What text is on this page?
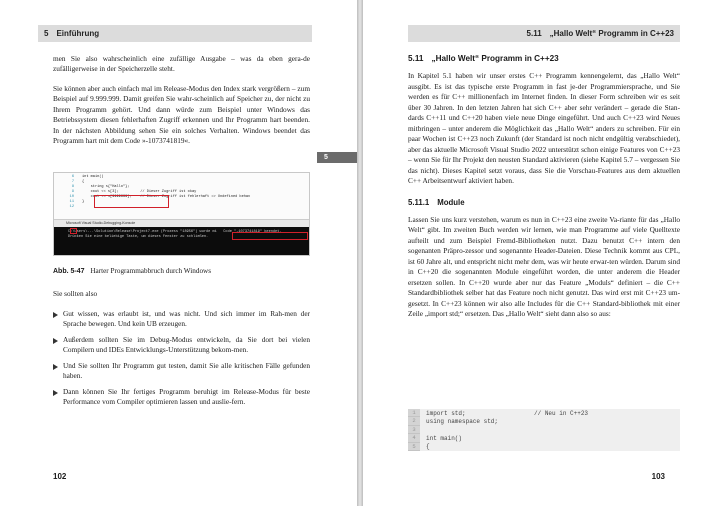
5 Einführung

men Sie also wahrscheinlich eine zufällige Ausgabe – was da eben gera-de zufälligerweise in der Speicherzelle steht.

Sie können aber auch einfach mal im Release-Modus den Index stark vergrößern – zum Beispiel auf 9.999.999. Damit greifen Sie wahr-scheinlich auf Speicher zu, der nicht zu Ihrem Programm gehört. Und dann würde zum Beispiel unter Windows das Betriebssystem diesen fehlerhaften Zugriff erkennen und Ihr Programm hart beenden. In der nächsten Abbildung sehen Sie ein solches Verhalten. Windows beendet das Programm hart mit dem Code »-1073741819«.

6
7
8
9
10
11
12
int main()
{
string s{"Hallo"};
cout << s[3];          // Dieser Zugriff ist okay
cout << s[9999999];    // Dieser Zugriff ist fehlerhaft => Undefined behav
}
Microsoft Visual Studio-Debugging-Konsole
C:\Users\...\Solution\Release\Project7.exe (Prozess "18956") wurde mi   Code "-1073741819" beendet.
Drücken Sie eine beliebige Taste, um dieses Fenster zu schließen.
Abb. 5-47 Harter Programmabbruch durch Windows

Sie sollten also

Gut wissen, was erlaubt ist, und was nicht. Und sich immer im Rah-men der Sprache bewegen. Und kein UB erzeugen.
Außerdem sollten Sie im Debug-Modus entwickeln, da Sie dort bei vielen Compilern und IDEs Entwicklungs-Unterstützung bekom-men.
Und Sie sollten Ihr Programm gut testen, damit Sie alle kritischen Fälle gefunden haben.
Dann können Sie Ihr fertiges Programm beruhigt im Release-Modus für beste Performance vom Compiler optimieren lassen und auslie-fern.
102
5.11 „Hallo Welt“ Programm in C++23
5.11 „Hallo Welt“ Programm in C++23

In Kapitel 5.1 haben wir unser erstes C++ Programm kennengelernt, das „Hallo Welt“ ausgibt. Es ist das typische erste Programm in fast je-der Programmiersprache, und Sie werden es für C++ millionenfach im Internet finden. In dieser Form schreiben wir es seit über 30 Jahren. In den letzten Jahren hat sich C++ aber sehr verändert – gerade die Stan-dards C++11 und C++20 haben viele neue Dinge eingeführt. Und auch C++23 wird Neues mitbringen – unter anderem die Möglichkeit das „Hallo Welt“ anders zu schreiben. Für ein paar Wochen ist C++23 noch Zukunft (der Standard ist noch nicht endgültig verabschiedet), aber das aktuelle Microsoft Visual Studio 2022 unterstützt schon einige Features von C++23 – wenn Sie für Ihr Projekt den neusten Standard aktivieren (siehe Kapitel 5.7 – vergessen Sie das nicht). Dieses Kapitel setzt voraus, dass Sie die Vorschau-Features aus dem aktuellen C++ Arbeitsentwurf aktiviert haben.

5.11.1 Module

Lassen Sie uns kurz verstehen, warum es nun in C++23 eine zweite Va-riante für das „Hallo Welt“ gibt. Im zweiten Buch werden wir lernen, wie man Programme auf viele Quelltexte aufteilt und zum Beispiel Fremd-Bibliotheken nutzt. Dazu benutzt C++ intern den sogenanten Präpro-zessor und sogenannte Header-Dateien. Diese Technik kommt aus CPL, ist 60 Jahre alt, und entspricht nicht mehr dem, was wir heute erwar-ten würden. Darum sind in C++20 die sogenannten Module eingeführt worden, die unter anderem die Header ersetzen sollen. In C++20 wurde aber nur das Feature „Moduls“ definiert – die C++ Standardbibliothek selber hat das Feature noch nicht genutzt. Das wird erst mit C++23 um-gesetzt. In C++23 können wir also alle Includes für die C++ Standard-bibliothek mit einer Zeile „import std;“ ersetzen. Das „Hallo Welt“ sieht dann also so aus:

103
5
1	import std;                   // Neu in C++23
2	using namespace std;
3
4	int main()
5	{
